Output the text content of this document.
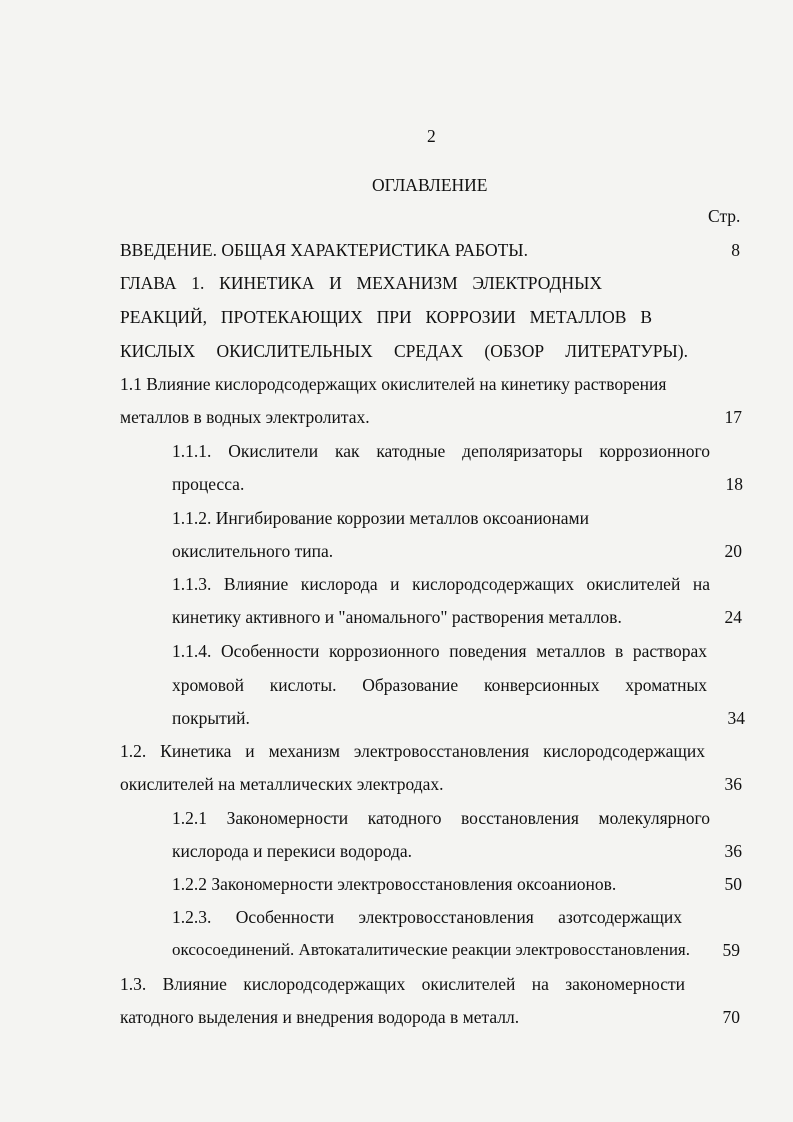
2
ОГЛАВЛЕНИЕ
Стр.
ВВЕДЕНИЕ. ОБЩАЯ ХАРАКТЕРИСТИКА РАБОТЫ.	8
ГЛАВА 1. КИНЕТИКА И МЕХАНИЗМ ЭЛЕКТРОДНЫХ
РЕАКЦИЙ, ПРОТЕКАЮЩИХ ПРИ КОРРОЗИИ МЕТАЛЛОВ В
КИСЛЫХ ОКИСЛИТЕЛЬНЫХ СРЕДАХ (ОБЗОР ЛИТЕРАТУРЫ).
1.1 Влияние кислородсодержащих окислителей на кинетику растворения
металлов в водных электролитах.	17
1.1.1. Окислители как катодные деполяризаторы коррозионного
процесса.	18
1.1.2. Ингибирование коррозии металлов оксоанионами
окислительного типа.	20
1.1.3. Влияние кислорода и кислородсодержащих окислителей на
кинетику активного и "аномального" растворения металлов.	24
1.1.4. Особенности коррозионного поведения металлов в растворах
хромовой кислоты. Образование конверсионных хроматных
покрытий.	34
1.2. Кинетика и механизм электровосстановления кислородсодержащих
окислителей на металлических электродах.	36
1.2.1 Закономерности катодного восстановления молекулярного
кислорода и перекиси водорода.	36
1.2.2 Закономерности электровосстановления оксоанионов.	50
1.2.3. Особенности электровосстановления азотсодержащих
оксосоединений. Автокаталитические реакции электровосстановления.	59
1.3. Влияние кислородсодержащих окислителей на закономерности
катодного выделения и внедрения водорода в металл.	70
